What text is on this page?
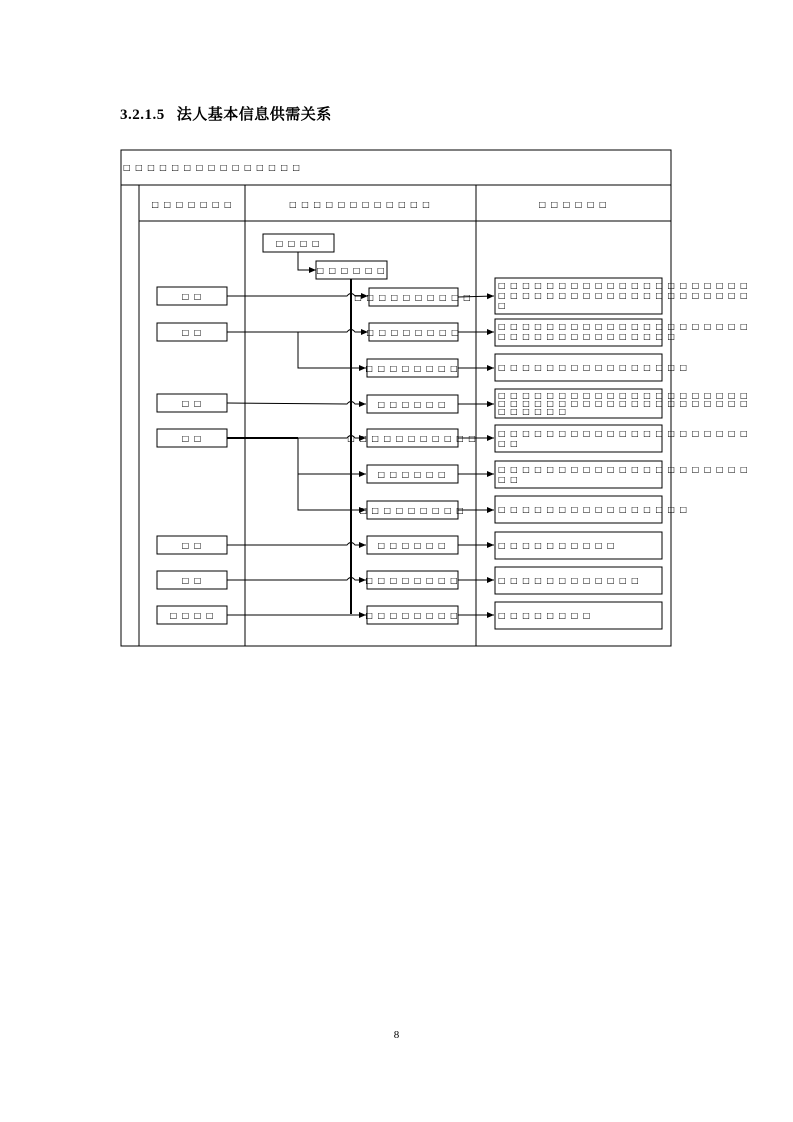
3.2.1.5 法人基本信息供需关系
□ □ □ □ □ □ □ □ □ □ □ □ □ □ □
□ □ □ □ □ □ □	□ □ □ □ □ □ □ □ □ □ □ □	□ □ □ □ □ □
□ □ □ □
□ □ □ □ □ □
□ □
□ □
□ □
□ □
□ □
□ □
□ □ □ □
□ □ □ □ □ □ □ □ □ □
□ □ □ □ □ □ □ □
□ □ □ □ □ □ □ □
□ □ □ □ □ □
□ □ □ □ □ □ □ □ □ □ □
□ □ □ □ □ □
□ □ □ □ □ □ □ □ □
□ □ □ □ □ □
□ □ □ □ □ □ □ □
□ □ □ □ □ □ □ □
□ □ □ □ □ □ □ □ □ □ □ □ □ □ □ □ □ □ □ □ □
□ □ □ □ □ □ □ □ □ □ □ □ □ □ □ □ □ □ □ □ □
□
□ □ □ □ □ □ □ □ □ □ □ □ □ □ □ □ □ □ □ □ □
□ □ □ □ □ □ □ □ □ □ □ □ □ □ □
□ □ □ □ □ □ □ □ □ □ □ □ □ □ □ □
□ □ □ □ □ □ □ □ □ □ □ □ □ □ □ □ □ □ □ □ □
□ □ □ □ □ □ □ □ □ □ □ □ □ □ □ □ □ □ □ □ □
□ □ □ □ □ □
□ □ □ □ □ □ □ □ □ □ □ □ □ □ □ □ □ □ □ □ □
□ □
□ □ □ □ □ □ □ □ □ □ □ □ □ □ □ □ □ □ □ □ □
□ □
□ □ □ □ □ □ □ □ □ □ □ □ □ □ □ □
□ □ □ □ □ □ □ □ □ □
□ □ □ □ □ □ □ □ □ □ □ □
□ □ □ □ □ □ □ □
8
